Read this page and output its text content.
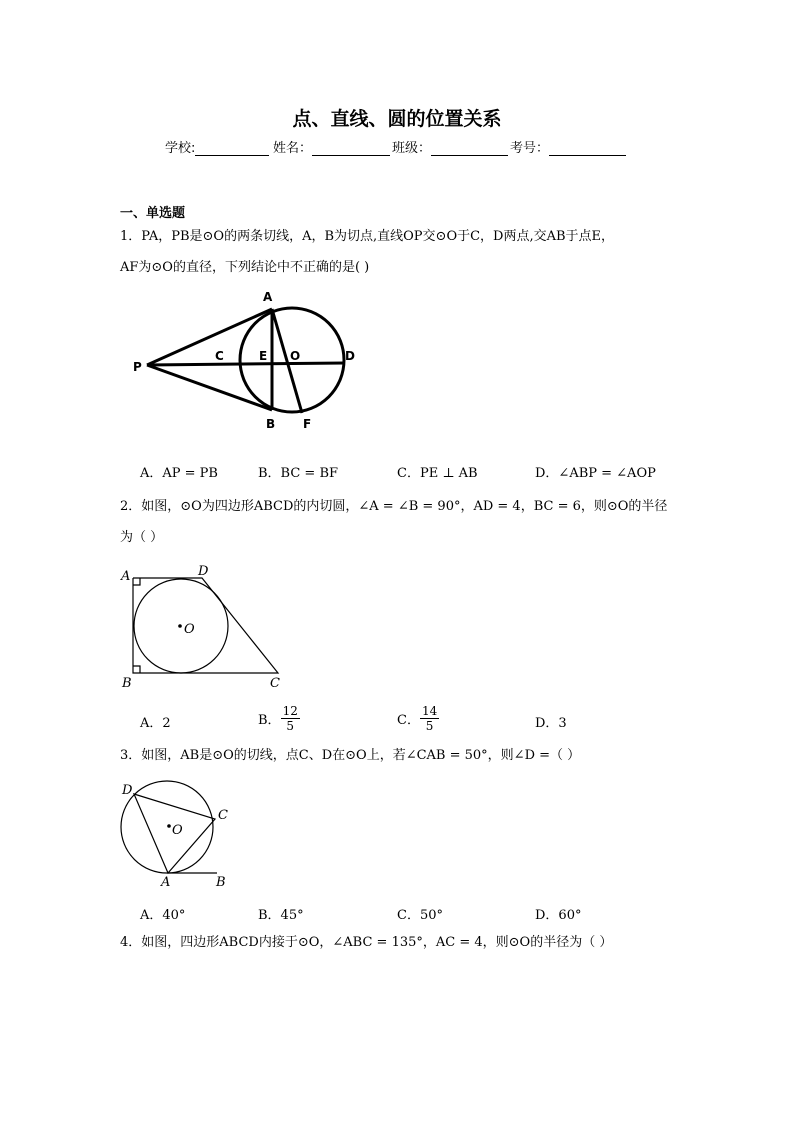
点、直线、圆的位置关系
学校:	姓名：	班级：	考号：
一、单选题
1．PA，PB是⊙O的两条切线，A，B为切点,直线OP交⊙O于C，D两点,交AB于点E，
AF为⊙O的直径，下列结论中不正确的是( )
A
P
C	E O	D
B F
A．AP = PB	B．BC = BF	C．PE ⊥ AB	D．∠ABP = ∠AOP
2．如图，⊙O为四边形ABCD的内切圆，∠A = ∠B = 90°，AD = 4，BC = 6，则⊙O的半径
为（ ）
A	D
O
B	C
A．2	B． $\frac{12}{5}$	C． $\frac{14}{5}$	D．3
3．如图，AB是⊙O的切线，点C、D在⊙O上，若∠CAB = 50°，则∠D =（ ）
D
C
O
A	B
A．40°	B．45°	C．50°	D．60°
4．如图，四边形ABCD内接于⊙O，∠ABC = 135°，AC = 4，则⊙O的半径为（ ）
